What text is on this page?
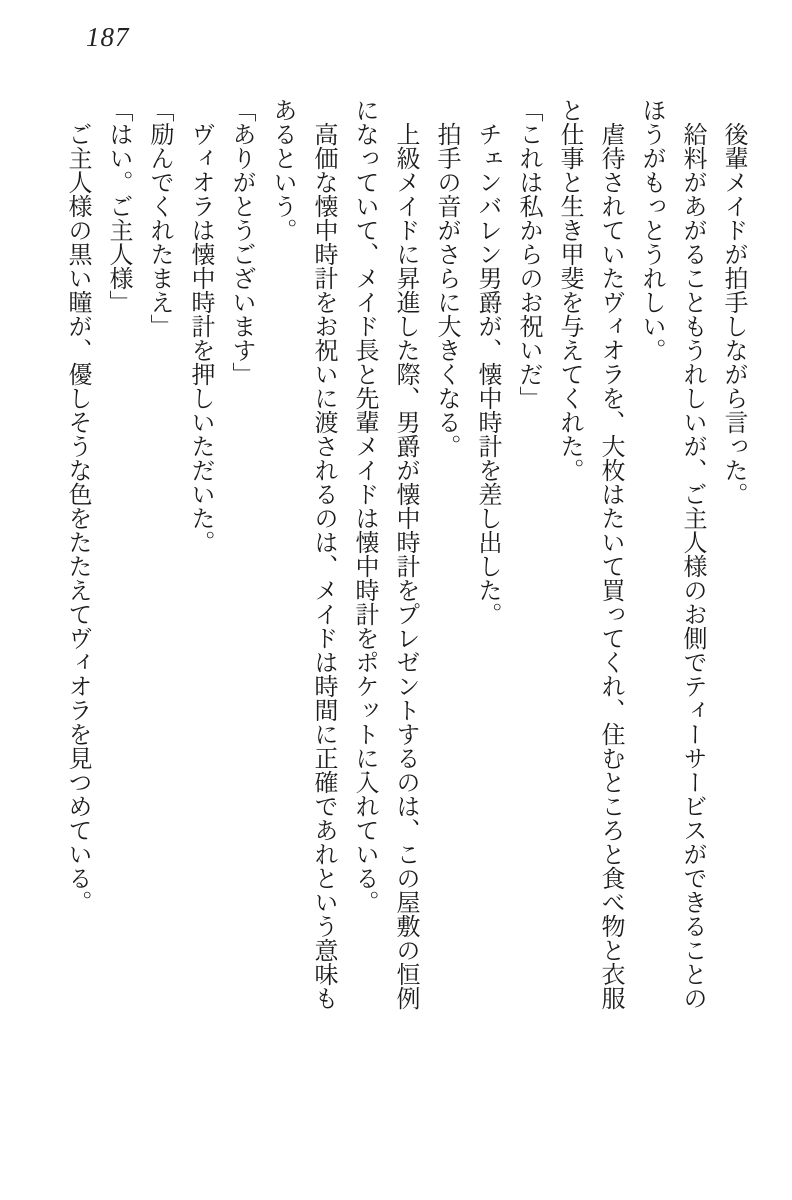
187

後輩メイドが拍手しながら言った。

給料があがることもうれしいが、ご主人様のお側でティーサービスができることのほうがもっとうれしい。

虐待されていたヴィオラを、大枚はたいて買ってくれ、住むところと食べ物と衣服と仕事と生き甲斐を与えてくれた。

「これは私からのお祝いだ」

チェンバレン男爵が、懐中時計を差し出した。

拍手の音がさらに大きくなる。

上級メイドに昇進した際、男爵が懐中時計をプレゼントするのは、この屋敷の恒例になっていて、メイド長と先輩メイドは懐中時計をポケットに入れている。

高価な懐中時計をお祝いに渡されるのは、メイドは時間に正確であれという意味もあるという。

「ありがとうございます」

ヴィオラは懐中時計を押しいただいた。

「励んでくれたまえ」

「はい。ご主人様」

ご主人様の黒い瞳が、優しそうな色をたたえてヴィオラを見つめている。
